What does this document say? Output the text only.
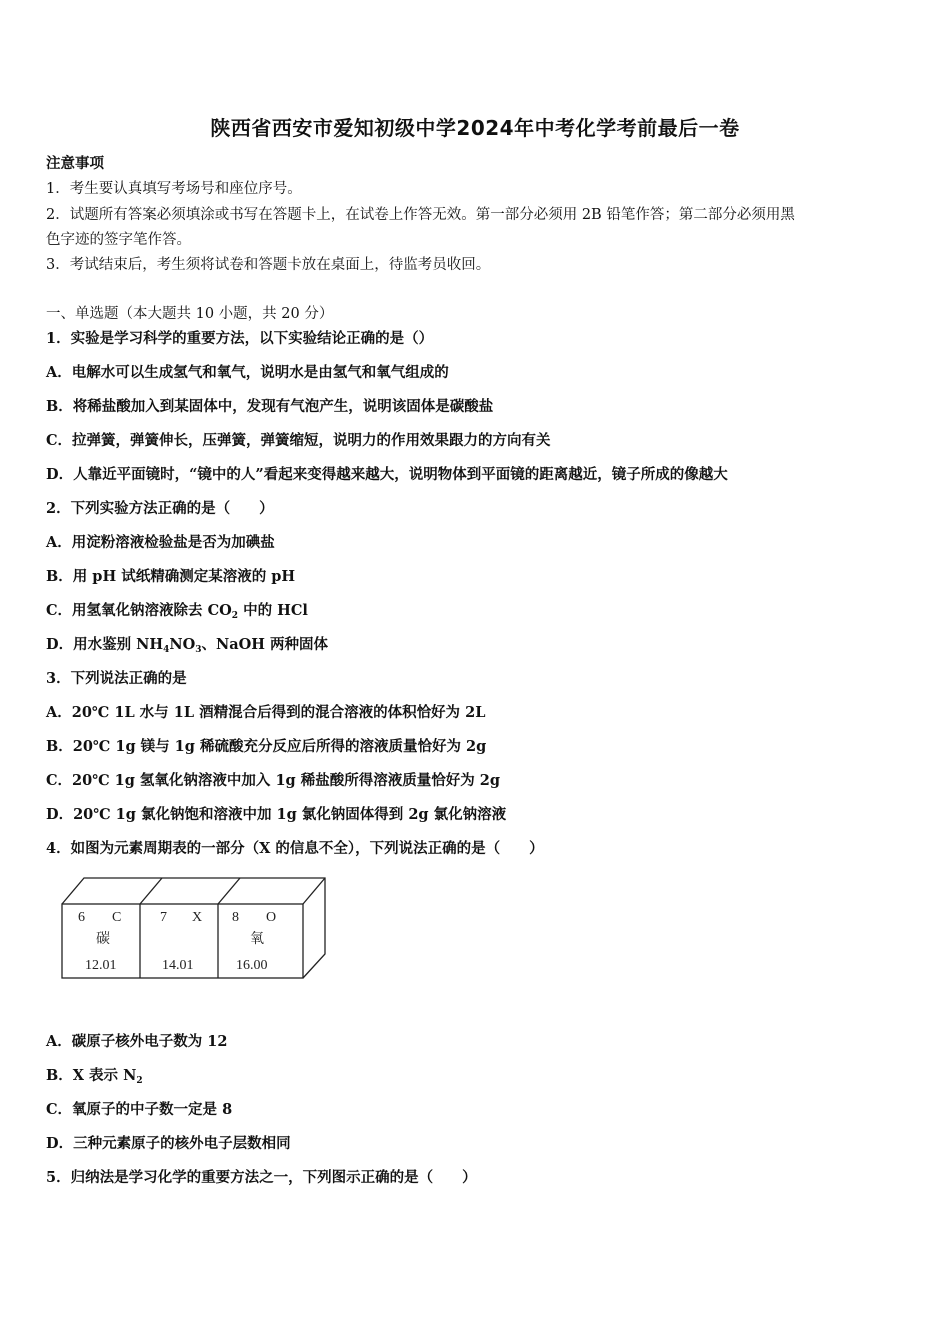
陕西省西安市爱知初级中学2024年中考化学考前最后一卷
注意事项
1．考生要认真填写考场号和座位序号。
2．试题所有答案必须填涂或书写在答题卡上，在试卷上作答无效。第一部分必须用 2B 铅笔作答；第二部分必须用黑
色字迹的签字笔作答。
3．考试结束后，考生须将试卷和答题卡放在桌面上，待监考员收回。
一、单选题（本大题共 10 小题，共 20 分）
1．实验是学习科学的重要方法，以下实验结论正确的是（）
A．电解水可以生成氢气和氧气，说明水是由氢气和氧气组成的
B．将稀盐酸加入到某固体中，发现有气泡产生，说明该固体是碳酸盐
C．拉弹簧，弹簧伸长，压弹簧，弹簧缩短，说明力的作用效果跟力的方向有关
D．人靠近平面镜时，“镜中的人”看起来变得越来越大，说明物体到平面镜的距离越近，镜子所成的像越大
2．下列实验方法正确的是（　　）
A．用淀粉溶液检验盐是否为加碘盐
B．用 pH 试纸精确测定某溶液的 pH
C．用氢氧化钠溶液除去 $CO_2$ 中的 HCl
D．用水鉴别 $NH_4NO_3$、NaOH 两种固体
3．下列说法正确的是
A．20℃ 1L 水与 1L 酒精混合后得到的混合溶液的体积恰好为 2L
B．20℃ 1g 镁与 1g 稀硫酸充分反应后所得的溶液质量恰好为 2g
C．20℃ 1g 氢氧化钠溶液中加入 1g 稀盐酸所得溶液质量恰好为 2g
D．20℃ 1g 氯化钠饱和溶液中加 1g 氯化钠固体得到 2g 氯化钠溶液
4．如图为元素周期表的一部分（X 的信息不全），下列说法正确的是（　　）
6 C
碳
12.01
7 X
14.01
8 O
氧
16.00
A．碳原子核外电子数为 12
B．X 表示 $N_2$
C．氧原子的中子数一定是 8
D．三种元素原子的核外电子层数相同
5．归纳法是学习化学的重要方法之一，下列图示正确的是（　　）
